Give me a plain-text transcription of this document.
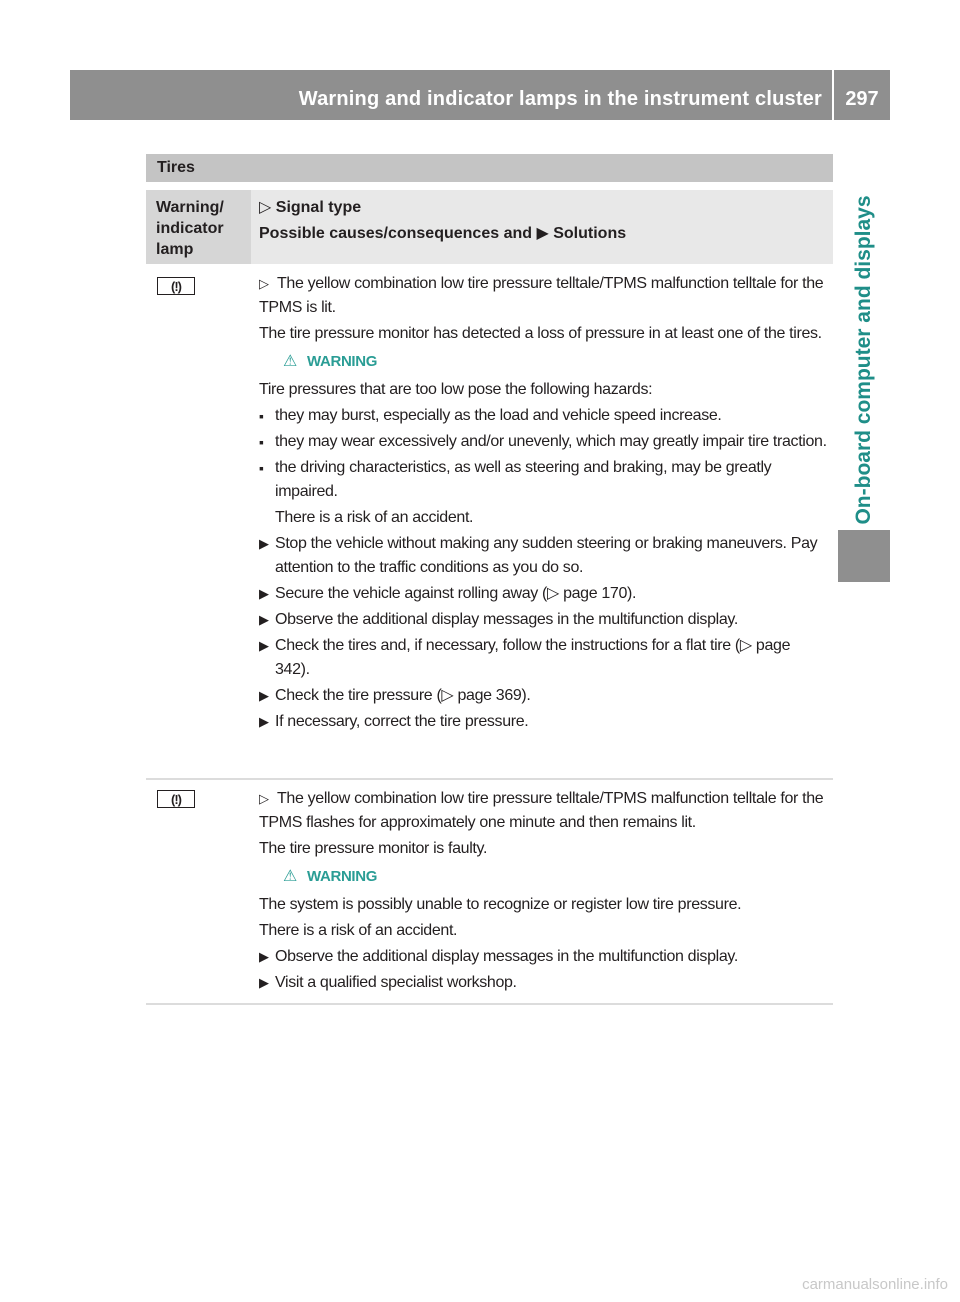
Warning and indicator lamps in the instrument cluster	297
On-board computer and displays
Tires
Warning/
indicator
lamp
▷ Signal type
Possible causes/consequences and ▶ Solutions
(!)	▷ The yellow combination low tire pressure telltale/TPMS malfunction telltale for the TPMS is lit.

The tire pressure monitor has detected a loss of pressure in at least one of the tires.

⚠ WARNING

Tire pressures that are too low pose the following hazards:

▪ they may burst, especially as the load and vehicle speed increase.

▪ they may wear excessively and/or unevenly, which may greatly impair tire traction.

▪ the driving characteristics, as well as steering and braking, may be greatly impaired.

There is a risk of an accident.

▶ Stop the vehicle without making any sudden steering or braking maneuvers. Pay attention to the traffic conditions as you do so.

▶ Secure the vehicle against rolling away (▷ page 170).

▶ Observe the additional display messages in the multifunction display.

▶ Check the tires and, if necessary, follow the instructions for a flat tire (▷ page 342).

▶ Check the tire pressure (▷ page 369).

▶ If necessary, correct the tire pressure.

(!)	▷ The yellow combination low tire pressure telltale/TPMS malfunction telltale for the TPMS flashes for approximately one minute and then remains lit.

The tire pressure monitor is faulty.

⚠ WARNING

The system is possibly unable to recognize or register low tire pressure.

There is a risk of an accident.

▶ Observe the additional display messages in the multifunction display.

▶ Visit a qualified specialist workshop.

carmanualsonline.info
